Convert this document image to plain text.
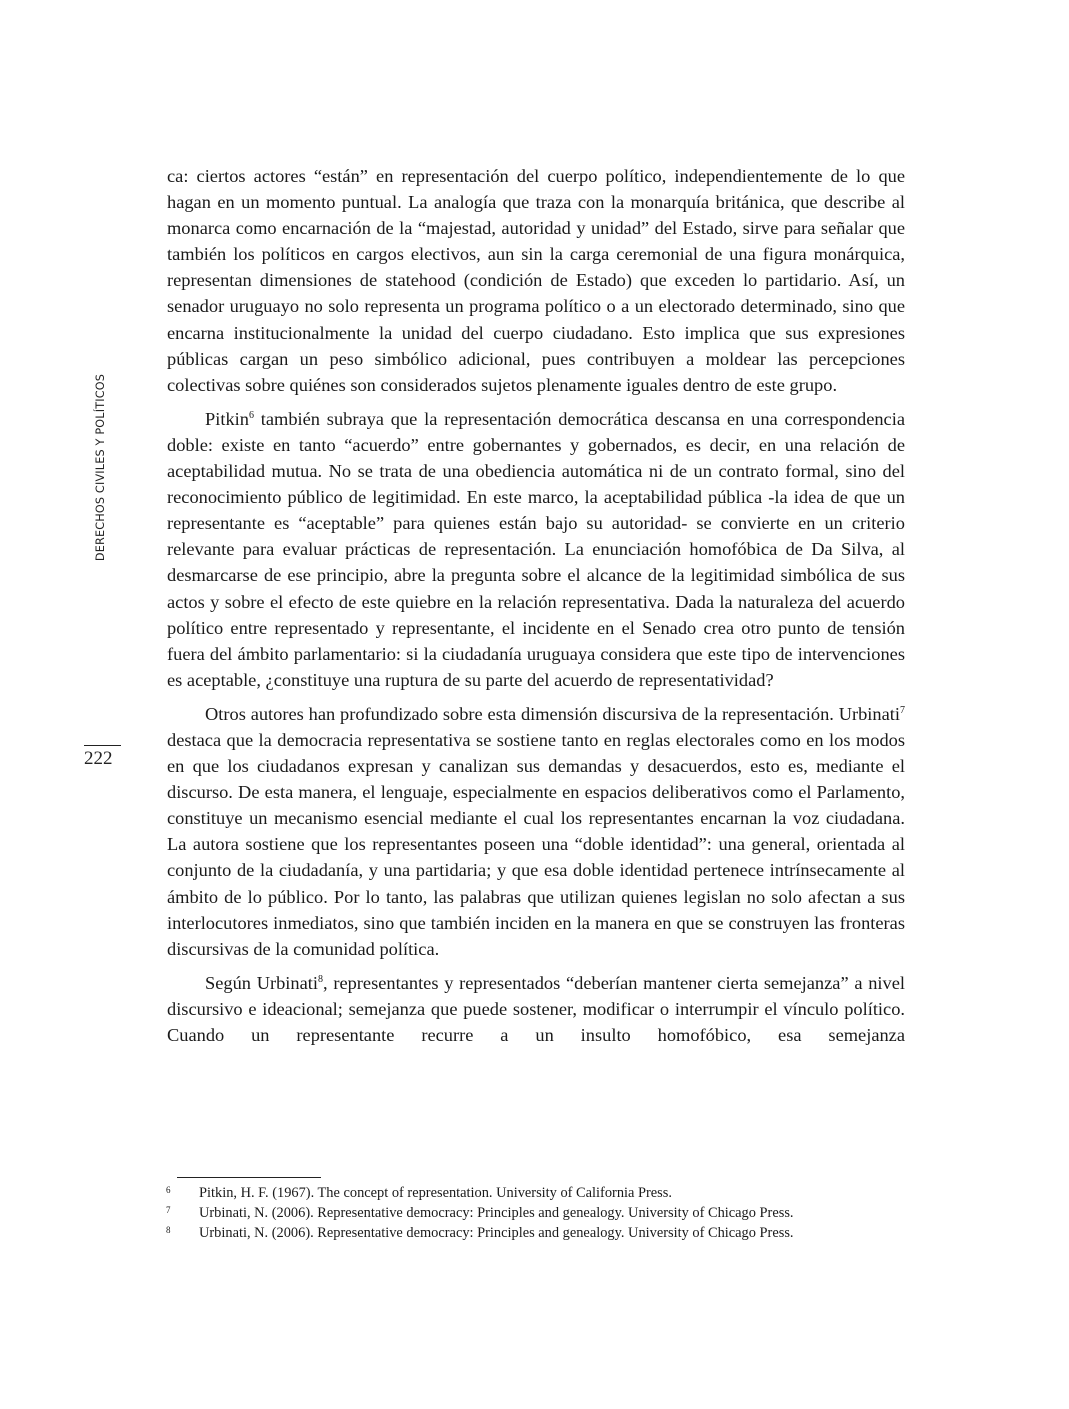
DERECHOS CIVILES Y POLÍTICOS
222

ca: ciertos actores “están” en representación del cuerpo político, independientemente de lo que hagan en un momento puntual. La analogía que traza con la monarquía británica, que describe al monarca como encarnación de la “majestad, autoridad y unidad” del Estado, sirve para señalar que también los políticos en cargos electivos, aun sin la carga ceremonial de una figura monárquica, representan dimensiones de statehood (condición de Estado) que exceden lo partidario. Así, un senador uruguayo no solo representa un programa político o a un electorado determinado, sino que encarna institucionalmente la unidad del cuerpo ciudadano. Esto implica que sus expresiones públicas cargan un peso simbólico adicional, pues contribuyen a moldear las percepciones colectivas sobre quiénes son considerados sujetos plenamente iguales dentro de este grupo.

Pitkin$^6$ también subraya que la representación democrática descansa en una correspondencia doble: existe en tanto “acuerdo” entre gobernantes y gobernados, es decir, en una relación de aceptabilidad mutua. No se trata de una obediencia automática ni de un contrato formal, sino del reconocimiento público de legitimidad. En este marco, la aceptabilidad pública -la idea de que un representante es “aceptable” para quienes están bajo su autoridad- se convierte en un criterio relevante para evaluar prácticas de representación. La enunciación homofóbica de Da Silva, al desmarcarse de ese principio, abre la pregunta sobre el alcance de la legitimidad simbólica de sus actos y sobre el efecto de este quiebre en la relación representativa. Dada la naturaleza del acuerdo político entre representado y representante, el incidente en el Senado crea otro punto de tensión fuera del ámbito parlamentario: si la ciudadanía uruguaya considera que este tipo de intervenciones es aceptable, ¿constituye una ruptura de su parte del acuerdo de representatividad?

Otros autores han profundizado sobre esta dimensión discursiva de la representación. Urbinati$^7$ destaca que la democracia representativa se sostiene tanto en reglas electorales como en los modos en que los ciudadanos expresan y canalizan sus demandas y desacuerdos, esto es, mediante el discurso. De esta manera, el lenguaje, especialmente en espacios deliberativos como el Parlamento, constituye un mecanismo esencial mediante el cual los representantes encarnan la voz ciudadana. La autora sostiene que los representantes poseen una “doble identidad”: una general, orientada al conjunto de la ciudadanía, y una partidaria; y que esa doble identidad pertenece intrínsecamente al ámbito de lo público. Por lo tanto, las palabras que utilizan quienes legislan no solo afectan a sus interlocutores inmediatos, sino que también inciden en la manera en que se construyen las fronteras discursivas de la comunidad política.

Según Urbinati$^8$, representantes y representados “deberían mantener cierta semejanza” a nivel discursivo e ideacional; semejanza que puede sostener, modificar o interrumpir el vínculo político. Cuando un representante recurre a un insulto homofóbico, esa semejanza

6	Pitkin, H. F. (1967). The concept of representation. University of California Press.
7	Urbinati, N. (2006). Representative democracy: Principles and genealogy. University of Chicago Press.
8	Urbinati, N. (2006). Representative democracy: Principles and genealogy. University of Chicago Press.
